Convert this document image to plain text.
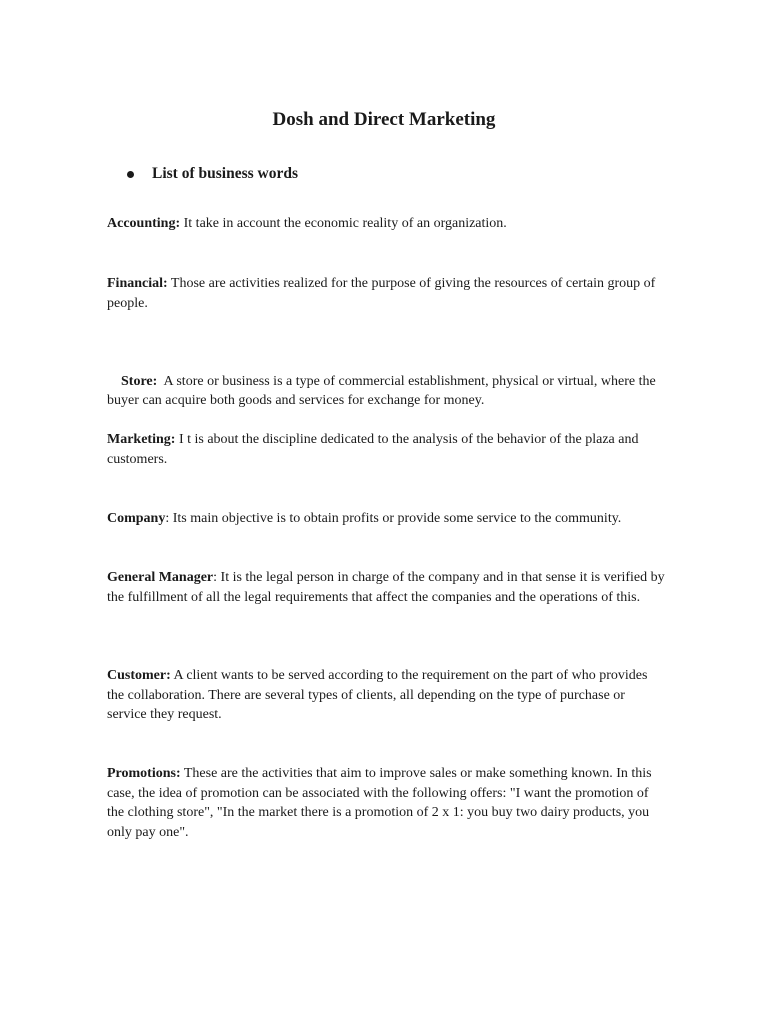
Dosh and Direct Marketing
List of business words

Accounting: It take in account the economic reality of an organization.

Financial: Those are activities realized for the purpose of giving the resources of certain group of people.

Store:  A store or business is a type of commercial establishment, physical or virtual, where the buyer can acquire both goods and services for exchange for money.

Marketing: I t is about the discipline dedicated to the analysis of the behavior of the plaza and customers.

Company: Its main objective is to obtain profits or provide some service to the community.

General Manager: It is the legal person in charge of the company and in that sense it is verified by the fulfillment of all the legal requirements that affect the companies and the operations of this.

Customer: A client wants to be served according to the requirement on the part of who provides the collaboration. There are several types of clients, all depending on the type of purchase or service they request.

Promotions: These are the activities that aim to improve sales or make something known. In this case, the idea of promotion can be associated with the following offers: "I want the promotion of the clothing store", "In the market there is a promotion of 2 x 1: you buy two dairy products, you only pay one".
